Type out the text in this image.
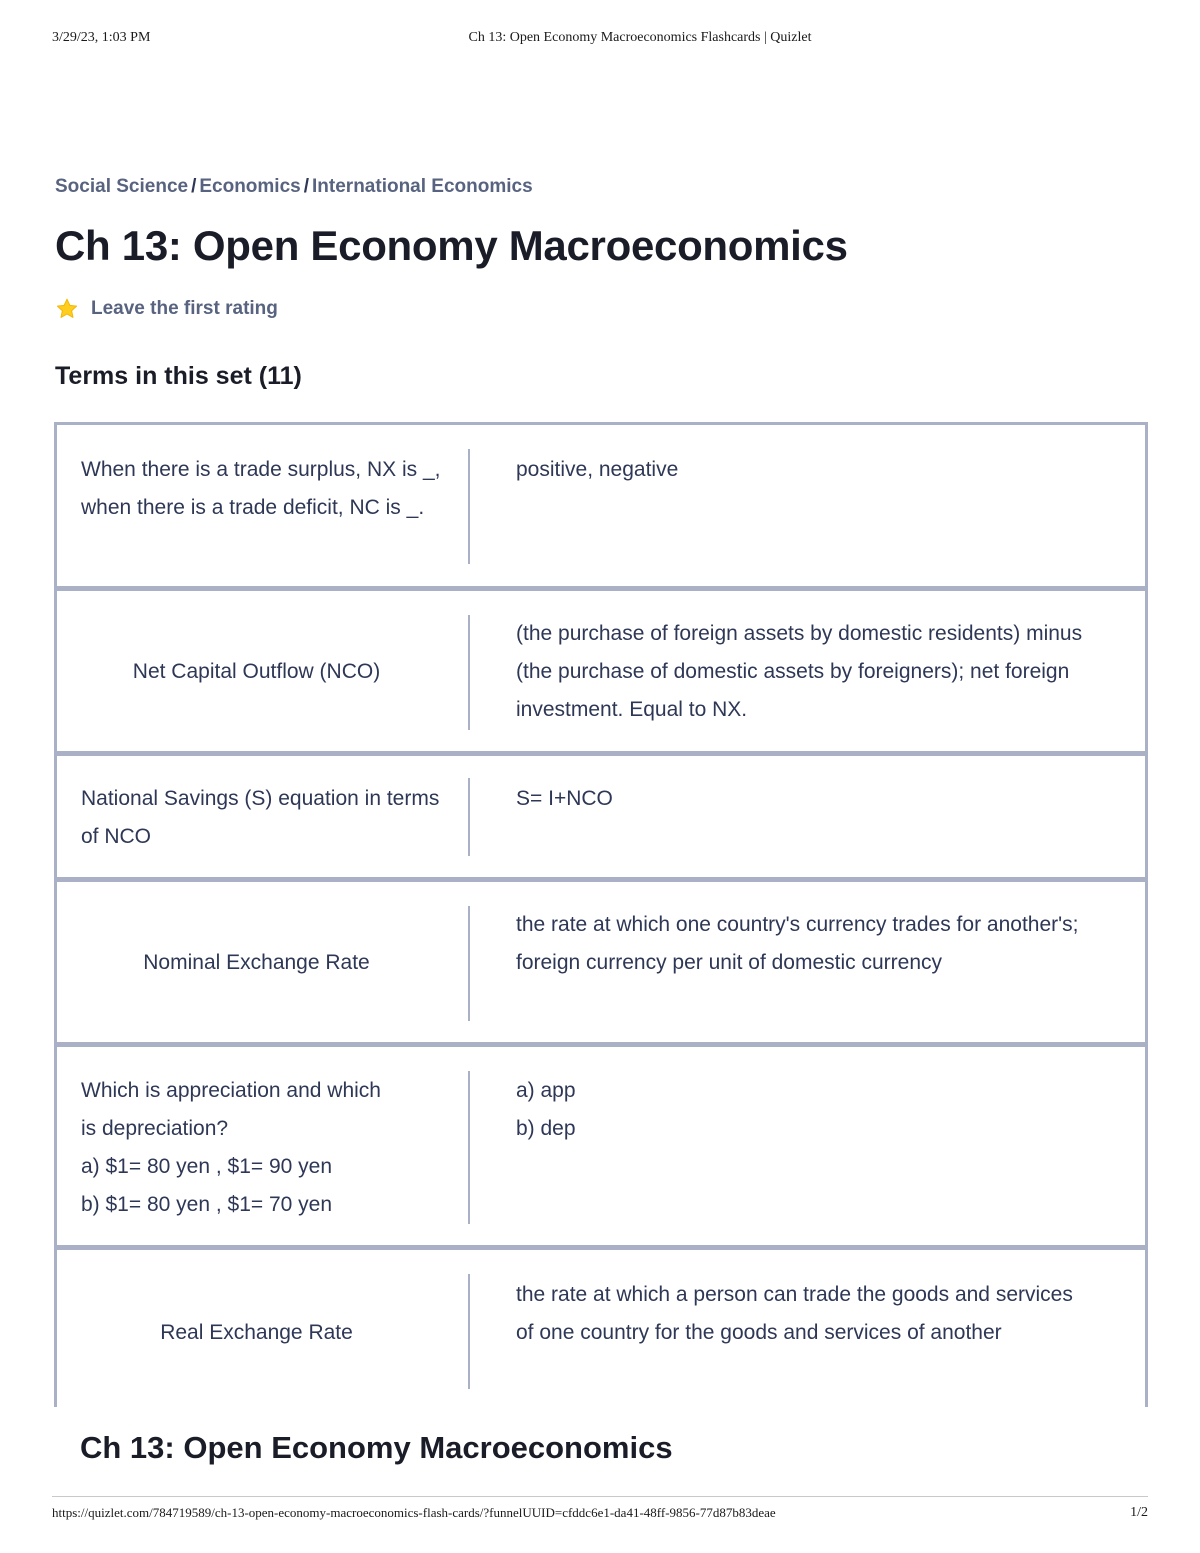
3/29/23, 1:03 PM	Ch 13: Open Economy Macroeconomics Flashcards | Quizlet
Social Science / Economics / International Economics
Ch 13: Open Economy Macroeconomics
Leave the first rating
Terms in this set (11)
When there is a trade surplus, NX is _, when there is a trade deficit, NC is _.
positive, negative
Net Capital Outflow (NCO)
(the purchase of foreign assets by domestic residents) minus (the purchase of domestic assets by foreigners); net foreign investment. Equal to NX.
National Savings (S) equation in terms of NCO
S= I+NCO
Nominal Exchange Rate
the rate at which one country's currency trades for another's; foreign currency per unit of domestic currency
Which is appreciation and which is depreciation?
a) $1= 80 yen , $1= 90 yen
b) $1= 80 yen , $1= 70 yen
a) app
b) dep
Real Exchange Rate
the rate at which a person can trade the goods and services of one country for the goods and services of another
Ch 13: Open Economy Macroeconomics
https://quizlet.com/784719589/ch-13-open-economy-macroeconomics-flash-cards/?funnelUUID=cfddc6e1-da41-48ff-9856-77d87b83deae	1/2
